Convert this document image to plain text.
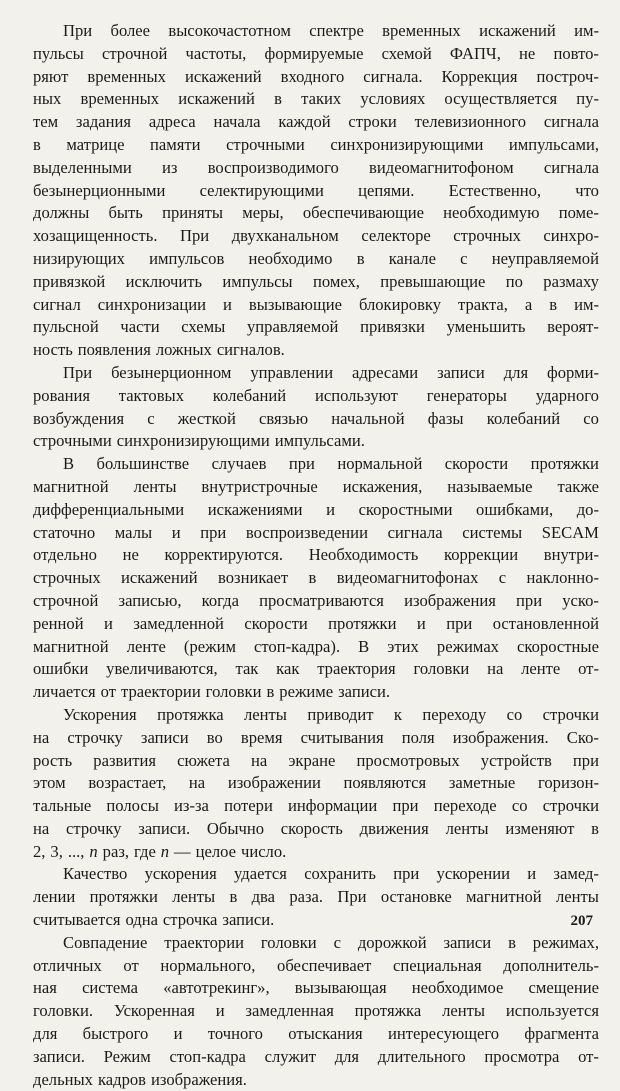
При более высокочастотном спектре временных искажений им-
пульсы строчной частоты, формируемые схемой ФАПЧ, не повто-
ряют временных искажений входного сигнала. Коррекция построч-
ных временных искажений в таких условиях осуществляется пу-
тем задания адреса начала каждой строки телевизионного сигнала
в матрице памяти строчными синхронизирующими импульсами,
выделенными из воспроизводимого видеомагнитофоном сигнала
безынерционными селектирующими цепями. Естественно, что
должны быть приняты меры, обеспечивающие необходимую поме-
хозащищенность. При двухканальном селекторе строчных синхро-
низирующих импульсов необходимо в канале с неуправляемой
привязкой исключить импульсы помех, превышающие по размаху
сигнал синхронизации и вызывающие блокировку тракта, а в им-
пульсной части схемы управляемой привязки уменьшить вероят-
ность появления ложных сигналов.
При безынерционном управлении адресами записи для форми-
рования тактовых колебаний используют генераторы ударного
возбуждения с жесткой связью начальной фазы колебаний со
строчными синхронизирующими импульсами.
В большинстве случаев при нормальной скорости протяжки
магнитной ленты внутристрочные искажения, называемые также
дифференциальными искажениями и скоростными ошибками, до-
статочно малы и при воспроизведении сигнала системы SECAM
отдельно не корректируются. Необходимость коррекции внутри-
строчных искажений возникает в видеомагнитофонах с наклонно-
строчной записью, когда просматриваются изображения при уско-
ренной и замедленной скорости протяжки и при остановленной
магнитной ленте (режим стоп-кадра). В этих режимах скоростные
ошибки увеличиваются, так как траектория головки на ленте от-
личается от траектории головки в режиме записи.
Ускорения протяжка ленты приводит к переходу со строчки
на строчку записи во время считывания поля изображения. Ско-
рость развития сюжета на экране просмотровых устройств при
этом возрастает, на изображении появляются заметные горизон-
тальные полосы из-за потери информации при переходе со строчки
на строчку записи. Обычно скорость движения ленты изменяют в
2, 3, ..., n раз, где n — целое число.
Качество ускорения удается сохранить при ускорении и замед-
лении протяжки ленты в два раза. При остановке магнитной ленты
считывается одна строчка записи.
Совпадение траектории головки с дорожкой записи в режимах,
отличных от нормального, обеспечивает специальная дополнитель-
ная система «автотрекинг», вызывающая необходимое смещение
головки. Ускоренная и замедленная протяжка ленты используется
для быстрого и точного отыскания интересующего фрагмента
записи. Режим стоп-кадра служит для длительного просмотра от-
дельных кадров изображения.
207
